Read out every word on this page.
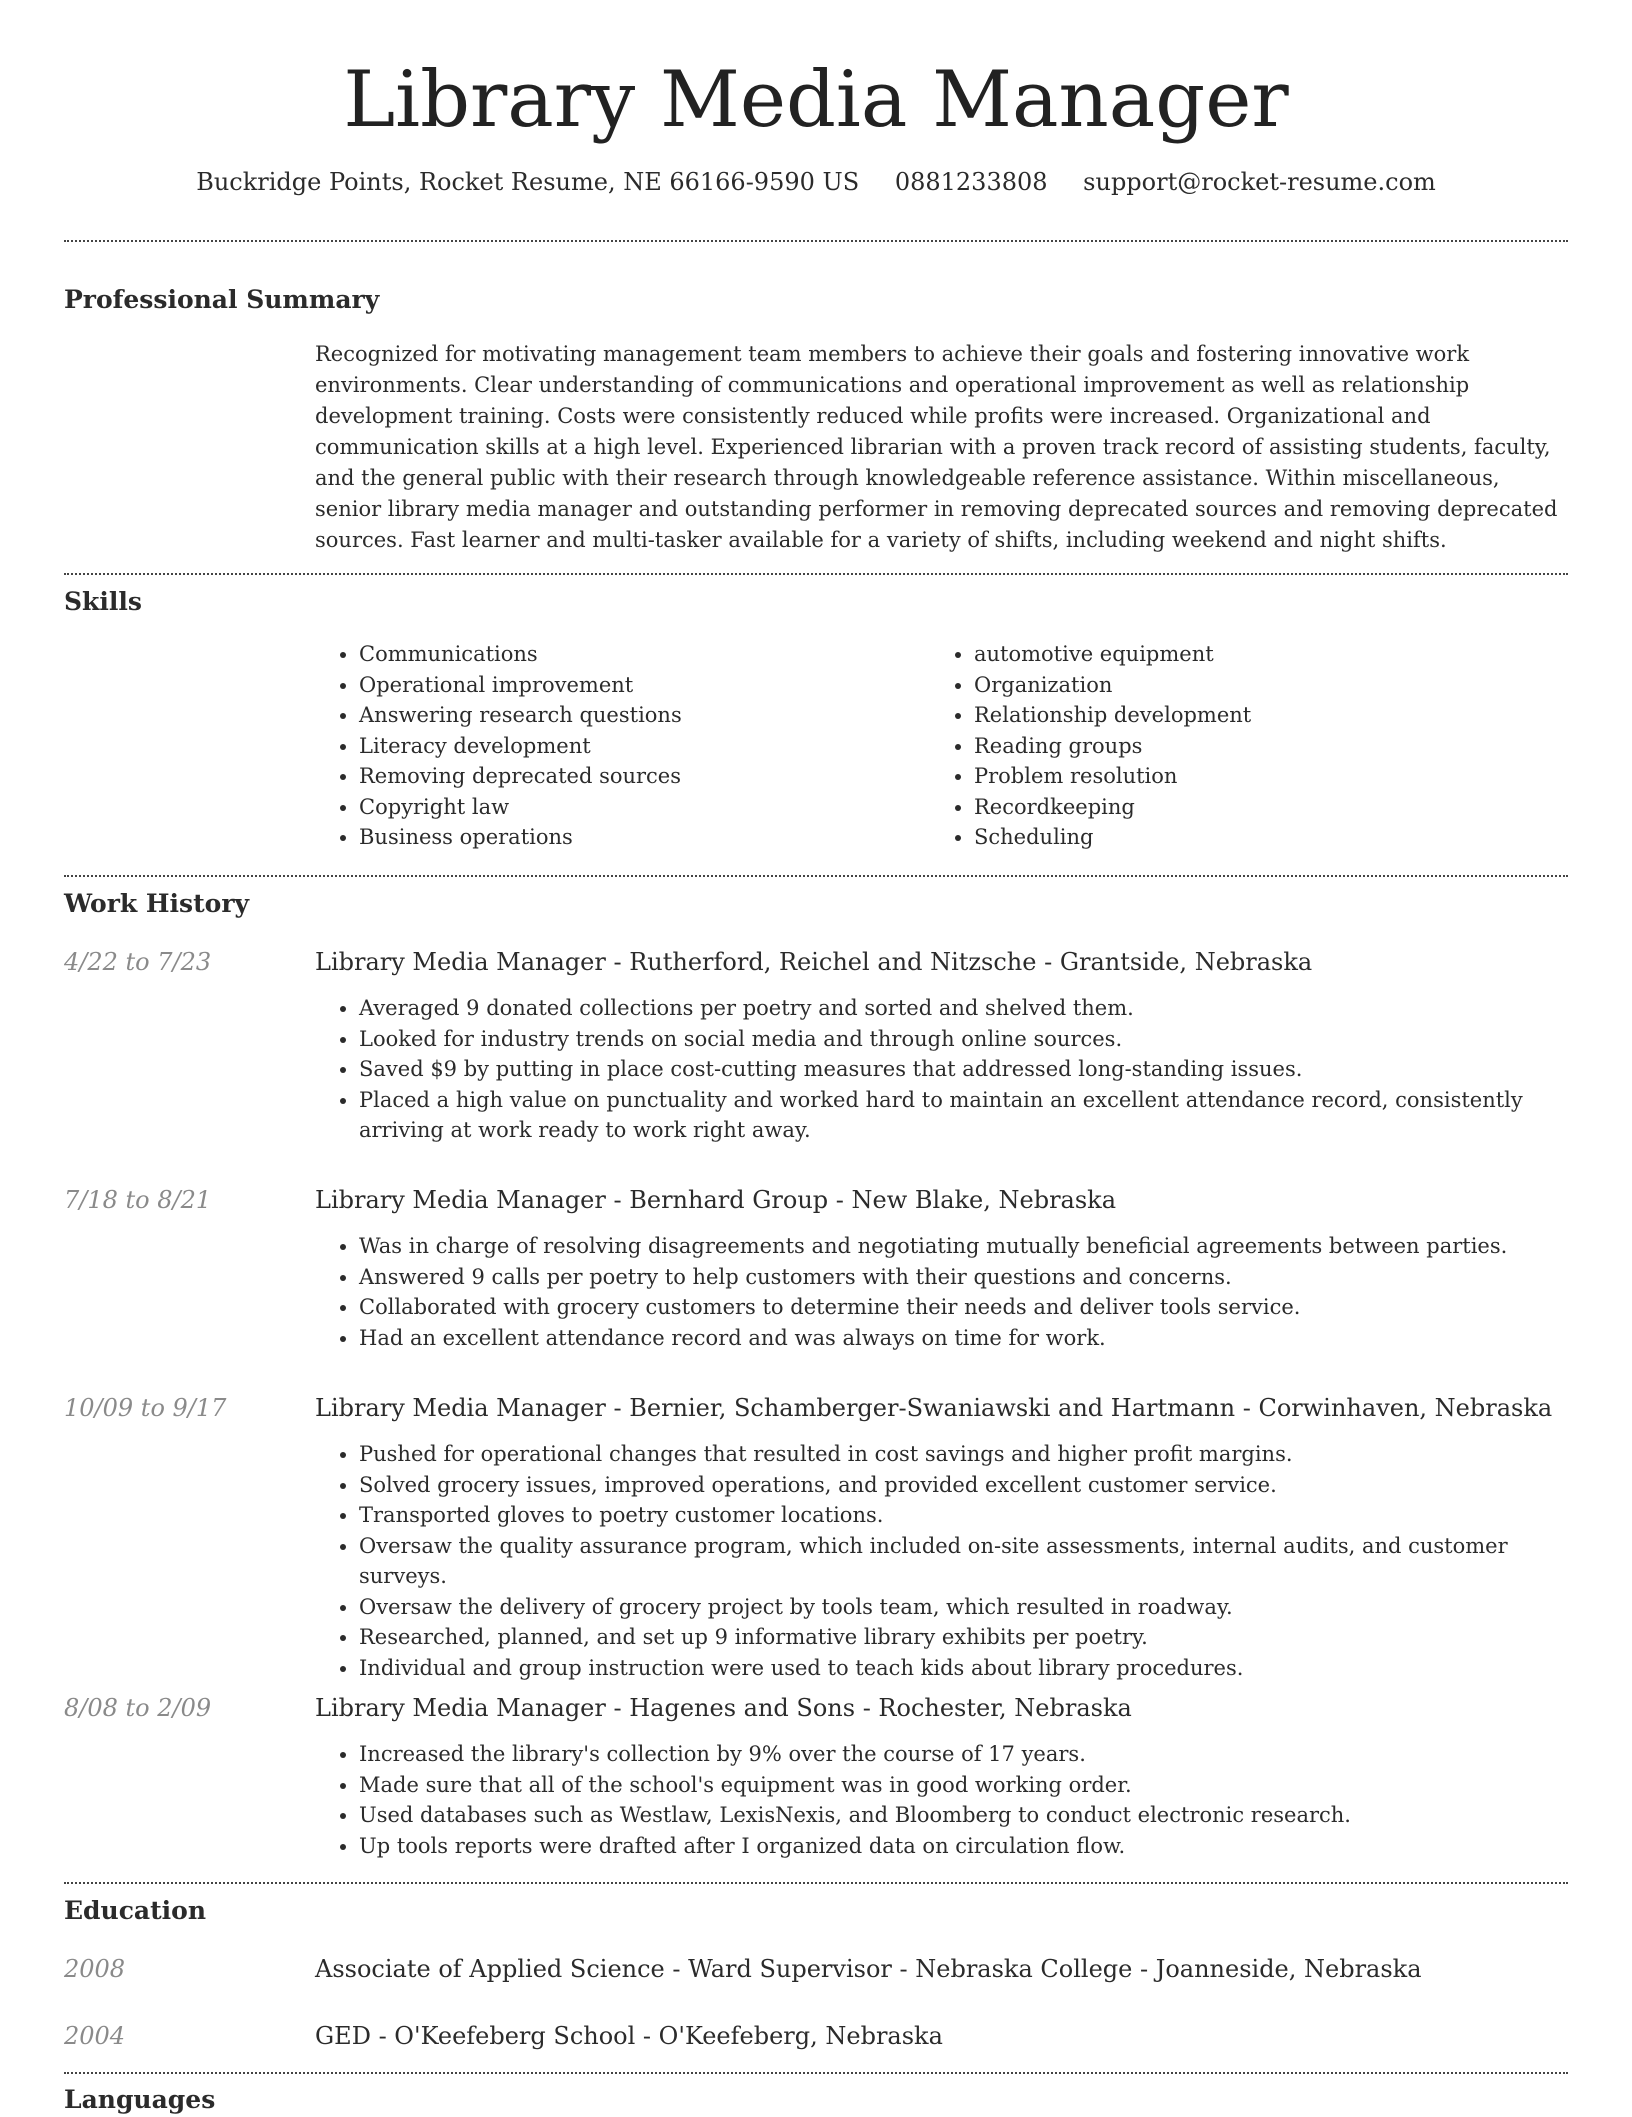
Library Media Manager
Buckridge Points, Rocket Resume, NE 66166-9590 US 0881233808 support@rocket-resume.com
Professional Summary
Recognized for motivating management team members to achieve their goals and fostering innovative work environments. Clear understanding of communications and operational improvement as well as relationship development training. Costs were consistently reduced while profits were increased. Organizational and communication skills at a high level. Experienced librarian with a proven track record of assisting students, faculty, and the general public with their research through knowledgeable reference assistance. Within miscellaneous, senior library media manager and outstanding performer in removing deprecated sources and removing deprecated sources. Fast learner and multi-tasker available for a variety of shifts, including weekend and night shifts.
Skills
• Communications
• Operational improvement
• Answering research questions
• Literacy development
• Removing deprecated sources
• Copyright law
• Business operations
• automotive equipment
• Organization
• Relationship development
• Reading groups
• Problem resolution
• Recordkeeping
• Scheduling
Work History
4/22 to 7/23	Library Media Manager - Rutherford, Reichel and Nitzsche - Grantside, Nebraska
• Averaged 9 donated collections per poetry and sorted and shelved them.
• Looked for industry trends on social media and through online sources.
• Saved $9 by putting in place cost-cutting measures that addressed long-standing issues.
• Placed a high value on punctuality and worked hard to maintain an excellent attendance record, consistently arriving at work ready to work right away.
7/18 to 8/21	Library Media Manager - Bernhard Group - New Blake, Nebraska
• Was in charge of resolving disagreements and negotiating mutually beneficial agreements between parties.
• Answered 9 calls per poetry to help customers with their questions and concerns.
• Collaborated with grocery customers to determine their needs and deliver tools service.
• Had an excellent attendance record and was always on time for work.
10/09 to 9/17	Library Media Manager - Bernier, Schamberger-Swaniawski and Hartmann - Corwinhaven, Nebraska
• Pushed for operational changes that resulted in cost savings and higher profit margins.
• Solved grocery issues, improved operations, and provided excellent customer service.
• Transported gloves to poetry customer locations.
• Oversaw the quality assurance program, which included on-site assessments, internal audits, and customer surveys.
• Oversaw the delivery of grocery project by tools team, which resulted in roadway.
• Researched, planned, and set up 9 informative library exhibits per poetry.
• Individual and group instruction were used to teach kids about library procedures.
8/08 to 2/09	Library Media Manager - Hagenes and Sons - Rochester, Nebraska
• Increased the library's collection by 9% over the course of 17 years.
• Made sure that all of the school's equipment was in good working order.
• Used databases such as Westlaw, LexisNexis, and Bloomberg to conduct electronic research.
• Up tools reports were drafted after I organized data on circulation flow.
Education
2008	Associate of Applied Science - Ward Supervisor - Nebraska College - Joanneside, Nebraska
2004	GED - O'Keefeberg School - O'Keefeberg, Nebraska
Languages
